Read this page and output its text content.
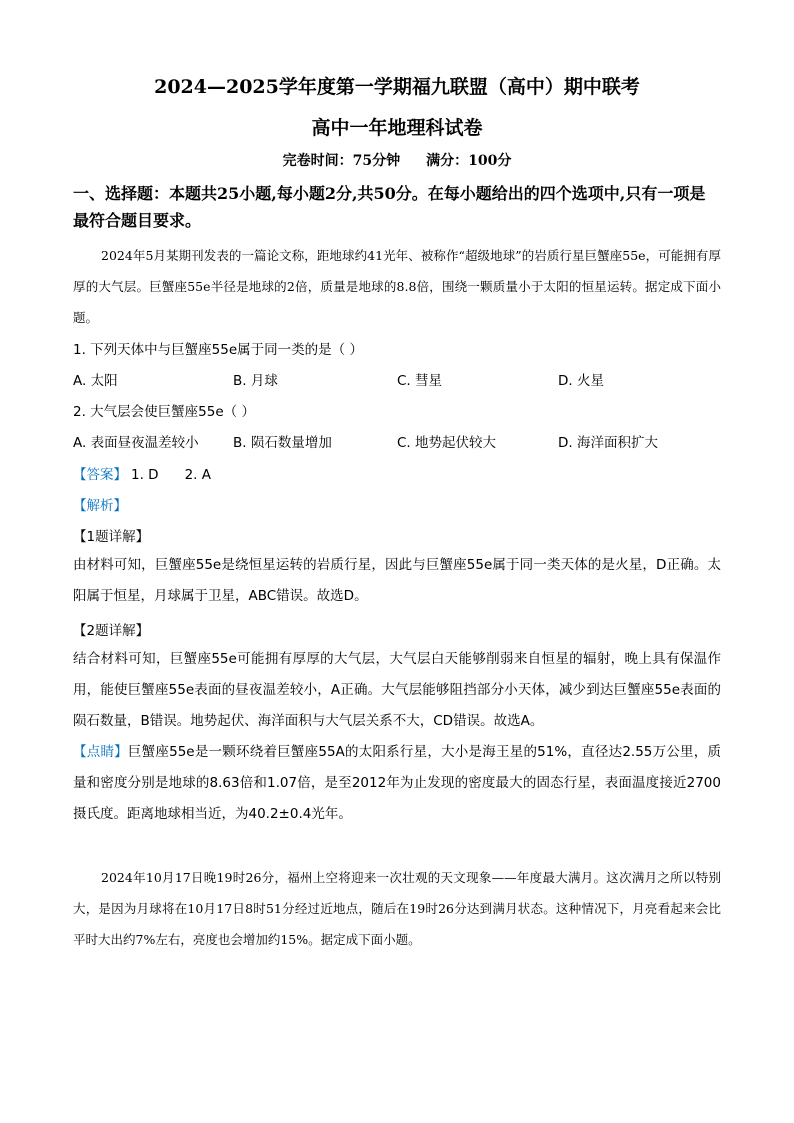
2024—2025学年度第一学期福九联盟（高中）期中联考
高中一年地理科试卷
完卷时间：75分钟 满分：100分
一、选择题：本题共25小题,每小题2分,共50分。在每小题给出的四个选项中,只有一项是最符合题目要求。
2024年5月某期刊发表的一篇论文称，距地球约41光年、被称作“超级地球”的岩质行星巨蟹座55e，可能拥有厚厚的大气层。巨蟹座55e半径是地球的2倍，质量是地球的8.8倍，围绕一颗质量小于太阳的恒星运转。据定成下面小题。
1. 下列天体中与巨蟹座55e属于同一类的是（ ）
A. 太阳	B. 月球	C. 彗星	D. 火星
2. 大气层会使巨蟹座55e（ ）
A. 表面昼夜温差较小	B. 陨石数量增加	C. 地势起伏较大	D. 海洋面积扩大
【答案】 1. D 2. A
【解析】
【1题详解】
由材料可知，巨蟹座55e是绕恒星运转的岩质行星，因此与巨蟹座55e属于同一类天体的是火星，D正确。太阳属于恒星，月球属于卫星，ABC错误。故选D。
【2题详解】
结合材料可知，巨蟹座55e可能拥有厚厚的大气层，大气层白天能够削弱来自恒星的辐射，晚上具有保温作用，能使巨蟹座55e表面的昼夜温差较小，A正确。大气层能够阻挡部分小天体，减少到达巨蟹座55e表面的陨石数量，B错误。地势起伏、海洋面积与大气层关系不大，CD错误。故选A。
【点睛】巨蟹座55e是一颗环绕着巨蟹座55A的太阳系行星，大小是海王星的51%，直径达2.55万公里，质量和密度分别是地球的8.63倍和1.07倍，是至2012年为止发现的密度最大的固态行星，表面温度接近2700摄氏度。距离地球相当近，为40.2±0.4光年。
2024年10月17日晚19时26分，福州上空将迎来一次壮观的天文现象——年度最大满月。这次满月之所以特别大，是因为月球将在10月17日8时51分经过近地点，随后在19时26分达到满月状态。这种情况下，月亮看起来会比平时大出约7%左右，亮度也会增加约15%。据定成下面小题。
